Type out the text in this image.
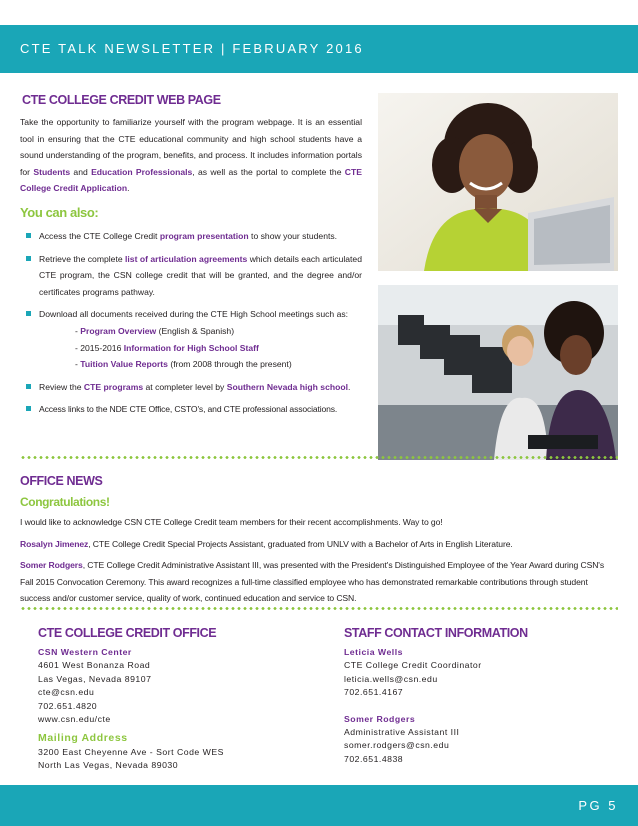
CTE TALK NEWSLETTER | FEBRUARY 2016
CTE COLLEGE CREDIT WEB PAGE
Take the opportunity to familiarize yourself with the program webpage. It is an essential tool in ensuring that the CTE educational community and high school students have a sound understanding of the program, benefits, and process. It includes information portals for Students and Education Professionals, as well as the portal to complete the CTE College Credit Application.
You can also:
Access the CTE College Credit program presentation to show your students.
Retrieve the complete list of articulation agreements which details each articulated CTE program, the CSN college credit that will be granted, and the degree and/or certificates programs pathway.
Download all documents received during the CTE High School meetings such as:
- Program Overview (English & Spanish)
- 2015-2016 Information for High School Staff
- Tuition Value Reports (from 2008 through the present)
Review the CTE programs at completer level by Southern Nevada high school.
Access links to the NDE CTE Office, CSTO's, and CTE professional associations.
OFFICE NEWS
Congratulations!
I would like to acknowledge CSN CTE College Credit team members for their recent accomplishments. Way to go!
Rosalyn Jimenez, CTE College Credit Special Projects Assistant, graduated from UNLV with a Bachelor of Arts in English Literature.
Somer Rodgers, CTE College Credit Administrative Assistant III, was presented with the President's Distinguished Employee of the Year Award during CSN's Fall 2015 Convocation Ceremony. This award recognizes a full-time classified employee who has demonstrated remarkable contributions through student success and/or customer service, quality of work, continued education and service to CSN.
CTE COLLEGE CREDIT OFFICE
CSN Western Center
4601 West Bonanza Road
Las Vegas, Nevada 89107
cte@csn.edu
702.651.4820
www.csn.edu/cte
Mailing Address
3200 East Cheyenne Ave - Sort Code WES
North Las Vegas, Nevada 89030
STAFF CONTACT INFORMATION
Leticia Wells
CTE College Credit Coordinator
leticia.wells@csn.edu
702.651.4167
Somer Rodgers
Administrative Assistant III
somer.rodgers@csn.edu
702.651.4838
PG 5
